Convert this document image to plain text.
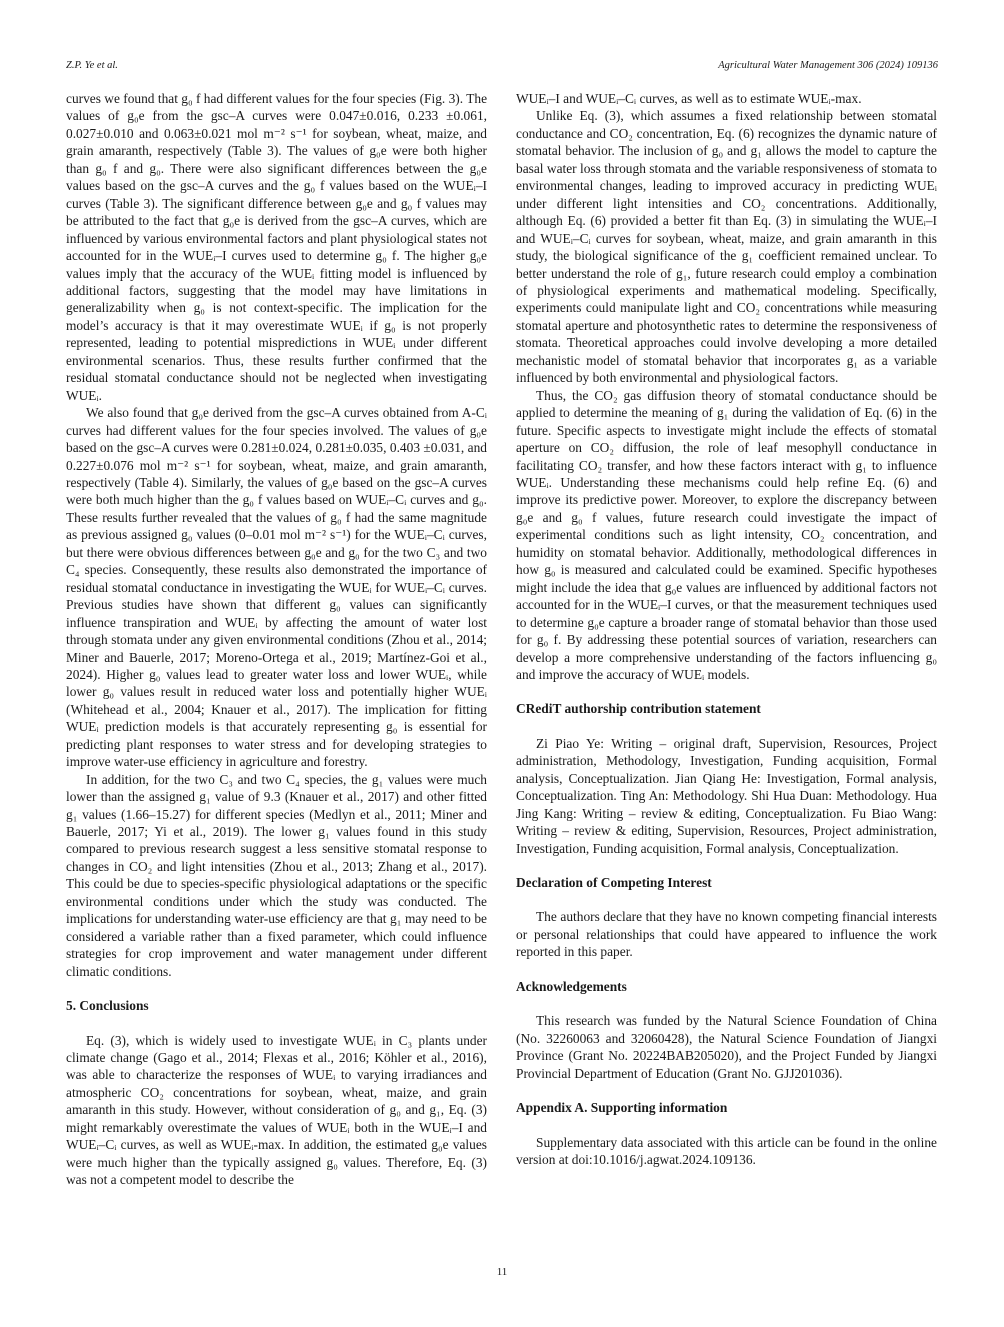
Z.P. Ye et al.	Agricultural Water Management 306 (2024) 109136

curves we found that g₀ f had different values for the four species (Fig. 3). The values of g₀e from the gsc–A curves were 0.047±0.016, 0.233 ±0.061, 0.027±0.010 and 0.063±0.021 mol m⁻² s⁻¹ for soybean, wheat, maize, and grain amaranth, respectively (Table 3). The values of g₀e were both higher than g₀ f and g₀. There were also significant differences between the g₀e values based on the gsc–A curves and the g₀ f values based on the WUEᵢ–I curves (Table 3). The significant difference between g₀e and g₀ f values may be attributed to the fact that g₀e is derived from the gsc–A curves, which are influenced by various environmental factors and plant physiological states not accounted for in the WUEᵢ–I curves used to determine g₀ f. The higher g₀e values imply that the accuracy of the WUEᵢ fitting model is influenced by additional factors, suggesting that the model may have limitations in generalizability when g₀ is not context-specific. The implication for the model’s accuracy is that it may overestimate WUEᵢ if g₀ is not properly represented, leading to potential mispredictions in WUEᵢ under different environmental scenarios. Thus, these results further confirmed that the residual stomatal conductance should not be neglected when investigating WUEᵢ.

We also found that g₀e derived from the gsc–A curves obtained from A-Cᵢ curves had different values for the four species involved. The values of g₀e based on the gsc–A curves were 0.281±0.024, 0.281±0.035, 0.403 ±0.031, and 0.227±0.076 mol m⁻² s⁻¹ for soybean, wheat, maize, and grain amaranth, respectively (Table 4). Similarly, the values of g₀e based on the gsc–A curves were both much higher than the g₀ f values based on WUEᵢ–Cᵢ curves and g₀. These results further revealed that the values of g₀ f had the same magnitude as previous assigned g₀ values (0–0.01 mol m⁻² s⁻¹) for the WUEᵢ–Cᵢ curves, but there were obvious differences between g₀e and g₀ for the two C₃ and two C₄ species. Consequently, these results also demonstrated the importance of residual stomatal conductance in investigating the WUEᵢ for WUEᵢ–Cᵢ curves. Previous studies have shown that different g₀ values can significantly influence transpiration and WUEᵢ by affecting the amount of water lost through stomata under any given environmental conditions (Zhou et al., 2014; Miner and Bauerle, 2017; Moreno-Ortega et al., 2019; Martínez-Goi et al., 2024). Higher g₀ values lead to greater water loss and lower WUEᵢ, while lower g₀ values result in reduced water loss and potentially higher WUEᵢ (Whitehead et al., 2004; Knauer et al., 2017). The implication for fitting WUEᵢ prediction models is that accurately representing g₀ is essential for predicting plant responses to water stress and for developing strategies to improve water-use efficiency in agriculture and forestry.

In addition, for the two C₃ and two C₄ species, the g₁ values were much lower than the assigned g₁ value of 9.3 (Knauer et al., 2017) and other fitted g₁ values (1.66–15.27) for different species (Medlyn et al., 2011; Miner and Bauerle, 2017; Yi et al., 2019). The lower g₁ values found in this study compared to previous research suggest a less sensitive stomatal response to changes in CO₂ and light intensities (Zhou et al., 2013; Zhang et al., 2017). This could be due to species-specific physiological adaptations or the specific environmental conditions under which the study was conducted. The implications for understanding water-use efficiency are that g₁ may need to be considered a variable rather than a fixed parameter, which could influence strategies for crop improvement and water management under different climatic conditions.

5. Conclusions

Eq. (3), which is widely used to investigate WUEᵢ in C₃ plants under climate change (Gago et al., 2014; Flexas et al., 2016; Köhler et al., 2016), was able to characterize the responses of WUEᵢ to varying irradiances and atmospheric CO₂ concentrations for soybean, wheat, maize, and grain amaranth in this study. However, without consideration of g₀ and g₁, Eq. (3) might remarkably overestimate the values of WUEᵢ both in the WUEᵢ–I and WUEᵢ–Cᵢ curves, as well as WUEᵢ-max. In addition, the estimated g₀e values were much higher than the typically assigned g₀ values. Therefore, Eq. (3) was not a competent model to describe the

WUEᵢ–I and WUEᵢ–Cᵢ curves, as well as to estimate WUEᵢ-max.

Unlike Eq. (3), which assumes a fixed relationship between stomatal conductance and CO₂ concentration, Eq. (6) recognizes the dynamic nature of stomatal behavior. The inclusion of g₀ and g₁ allows the model to capture the basal water loss through stomata and the variable responsiveness of stomata to environmental changes, leading to improved accuracy in predicting WUEᵢ under different light intensities and CO₂ concentrations. Additionally, although Eq. (6) provided a better fit than Eq. (3) in simulating the WUEᵢ–I and WUEᵢ–Cᵢ curves for soybean, wheat, maize, and grain amaranth in this study, the biological significance of the g₁ coefficient remained unclear. To better understand the role of g₁, future research could employ a combination of physiological experiments and mathematical modeling. Specifically, experiments could manipulate light and CO₂ concentrations while measuring stomatal aperture and photosynthetic rates to determine the responsiveness of stomata. Theoretical approaches could involve developing a more detailed mechanistic model of stomatal behavior that incorporates g₁ as a variable influenced by both environmental and physiological factors.

Thus, the CO₂ gas diffusion theory of stomatal conductance should be applied to determine the meaning of g₁ during the validation of Eq. (6) in the future. Specific aspects to investigate might include the effects of stomatal aperture on CO₂ diffusion, the role of leaf mesophyll conductance in facilitating CO₂ transfer, and how these factors interact with g₁ to influence WUEᵢ. Understanding these mechanisms could help refine Eq. (6) and improve its predictive power. Moreover, to explore the discrepancy between g₀e and g₀ f values, future research could investigate the impact of experimental conditions such as light intensity, CO₂ concentration, and humidity on stomatal behavior. Additionally, methodological differences in how g₀ is measured and calculated could be examined. Specific hypotheses might include the idea that g₀e values are influenced by additional factors not accounted for in the WUEᵢ–I curves, or that the measurement techniques used to determine g₀e capture a broader range of stomatal behavior than those used for g₀ f. By addressing these potential sources of variation, researchers can develop a more comprehensive understanding of the factors influencing g₀ and improve the accuracy of WUEᵢ models.

CRediT authorship contribution statement

Zi Piao Ye: Writing – original draft, Supervision, Resources, Project administration, Methodology, Investigation, Funding acquisition, Formal analysis, Conceptualization. Jian Qiang He: Investigation, Formal analysis, Conceptualization. Ting An: Methodology. Shi Hua Duan: Methodology. Hua Jing Kang: Writing – review & editing, Conceptualization. Fu Biao Wang: Writing – review & editing, Supervision, Resources, Project administration, Investigation, Funding acquisition, Formal analysis, Conceptualization.

Declaration of Competing Interest

The authors declare that they have no known competing financial interests or personal relationships that could have appeared to influence the work reported in this paper.

Acknowledgements

This research was funded by the Natural Science Foundation of China (No. 32260063 and 32060428), the Natural Science Foundation of Jiangxi Province (Grant No. 20224BAB205020), and the Project Funded by Jiangxi Provincial Department of Education (Grant No. GJJ201036).

Appendix A. Supporting information

Supplementary data associated with this article can be found in the online version at doi:10.1016/j.agwat.2024.109136.

11
